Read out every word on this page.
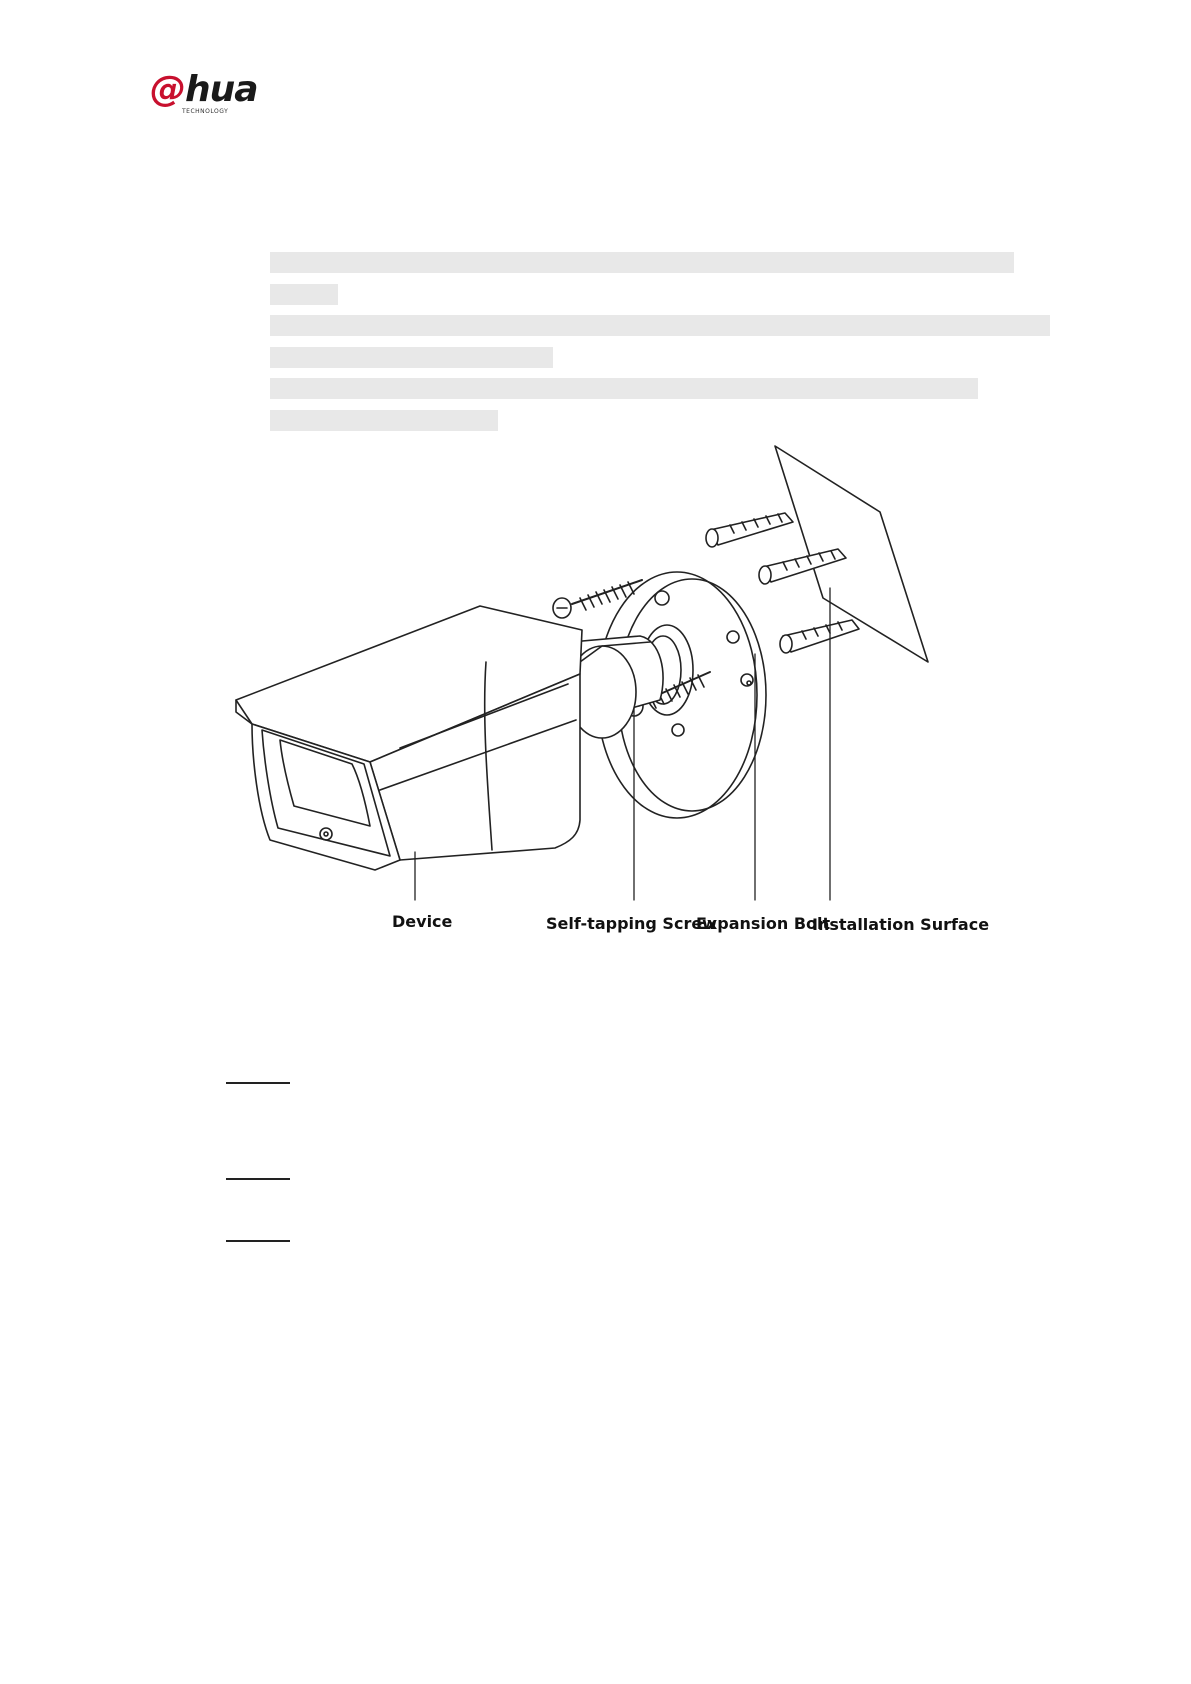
@hua
TECHNOLOGY
Device	Self-tapping Screw
Expansion Bolt
Installation Surface
